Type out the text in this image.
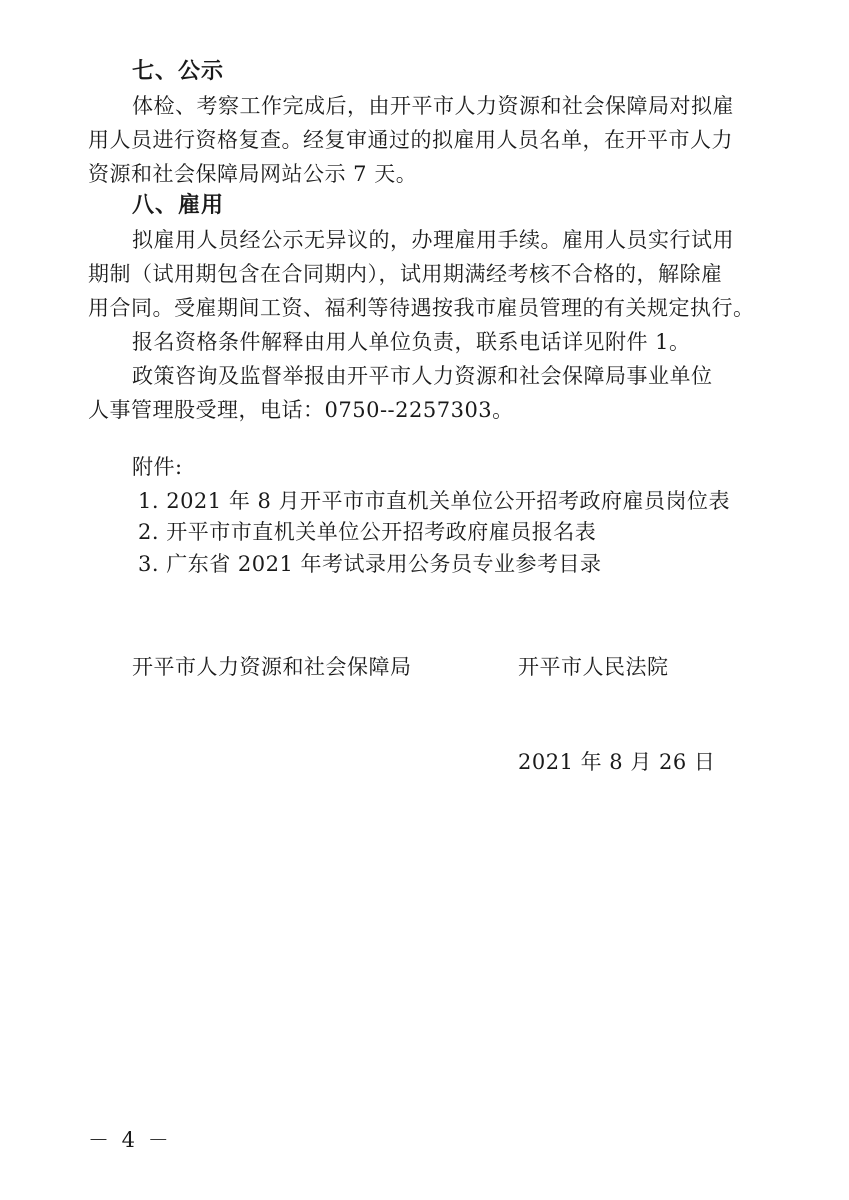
七、公示
体检、考察工作完成后，由开平市人力资源和社会保障局对拟雇
用人员进行资格复查。经复审通过的拟雇用人员名单，在开平市人力
资源和社会保障局网站公示 7 天。
八、雇用
拟雇用人员经公示无异议的，办理雇用手续。雇用人员实行试用
期制（试用期包含在合同期内），试用期满经考核不合格的，解除雇
用合同。受雇期间工资、福利等待遇按我市雇员管理的有关规定执行。
报名资格条件解释由用人单位负责，联系电话详见附件 1。
政策咨询及监督举报由开平市人力资源和社会保障局事业单位
人事管理股受理，电话：0750--2257303。
附件:
1. 2021 年 8 月开平市市直机关单位公开招考政府雇员岗位表
2. 开平市市直机关单位公开招考政府雇员报名表
3. 广东省 2021 年考试录用公务员专业参考目录
开平市人力资源和社会保障局	开平市人民法院
2021 年 8 月 26 日
－ 4 －
